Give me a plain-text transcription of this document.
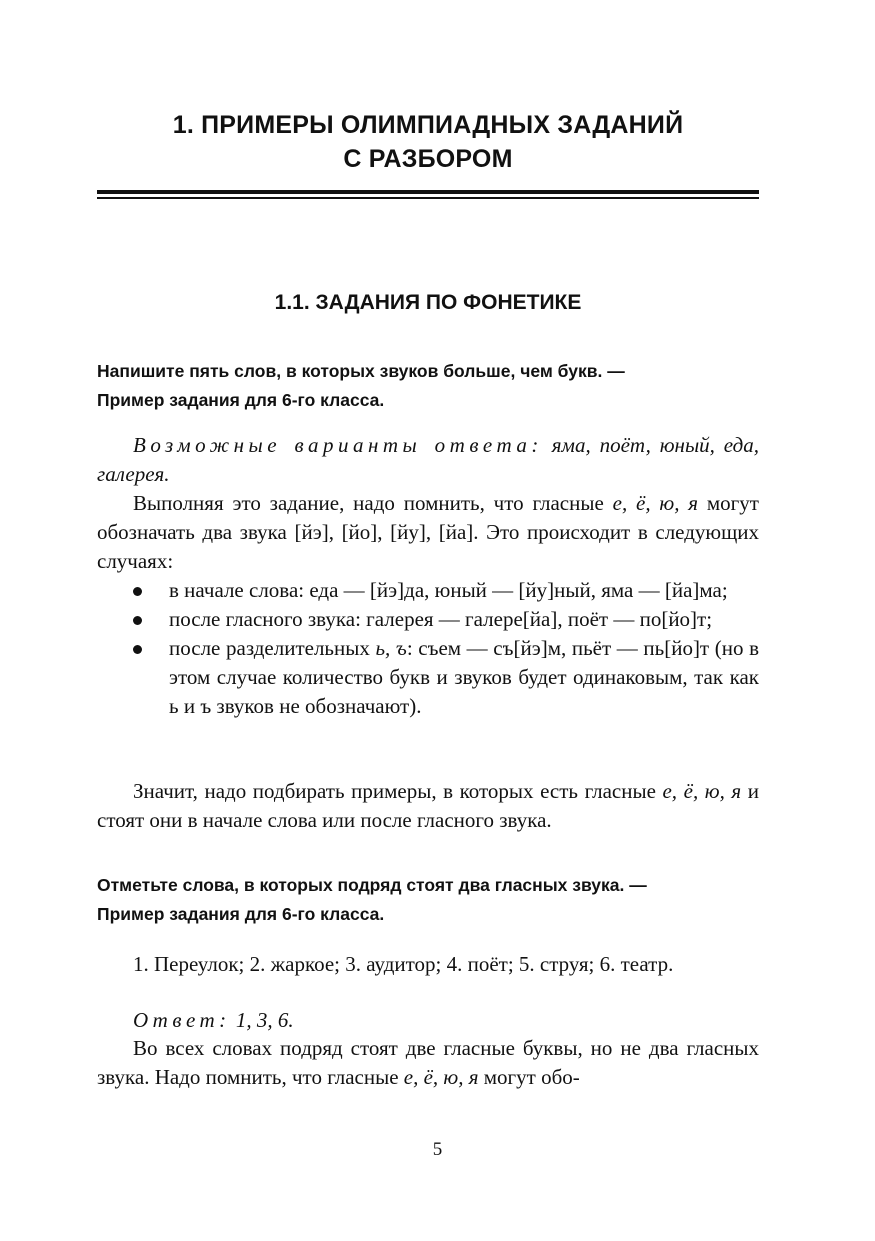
1. ПРИМЕРЫ ОЛИМПИАДНЫХ ЗАДАНИЙ
С РАЗБОРОМ
1.1. ЗАДАНИЯ ПО ФОНЕТИКЕ
Напишите пять слов, в которых звуков больше, чем букв. —
Пример задания для 6-го класса.
Возможные варианты ответа: яма, поёт, юный, еда, галерея.
Выполняя это задание, надо помнить, что гласные е, ё, ю, я могут обозначать два звука [йэ], [йо], [йу], [йа]. Это происходит в следующих случаях:
в начале слова: еда — [йэ]да, юный — [йу]ный, яма — [йа]ма;
после гласного звука: галерея — галере[йа], поёт — по[йо]т;
после разделительных ь, ъ: съем — съ[йэ]м, пьёт — пь[йо]т (но в этом случае количество букв и звуков будет одинаковым, так как ь и ъ звуков не обозначают).
Значит, надо подбирать примеры, в которых есть гласные е, ё, ю, я и стоят они в начале слова или после гласного звука.
Отметьте слова, в которых подряд стоят два гласных звука. —
Пример задания для 6-го класса.
1. Переулок; 2. жаркое; 3. аудитор; 4. поёт; 5. струя; 6. театр.
Ответ: 1, 3, 6.
Во всех словах подряд стоят две гласные буквы, но не два гласных звука. Надо помнить, что гласные е, ё, ю, я могут обо-
5
